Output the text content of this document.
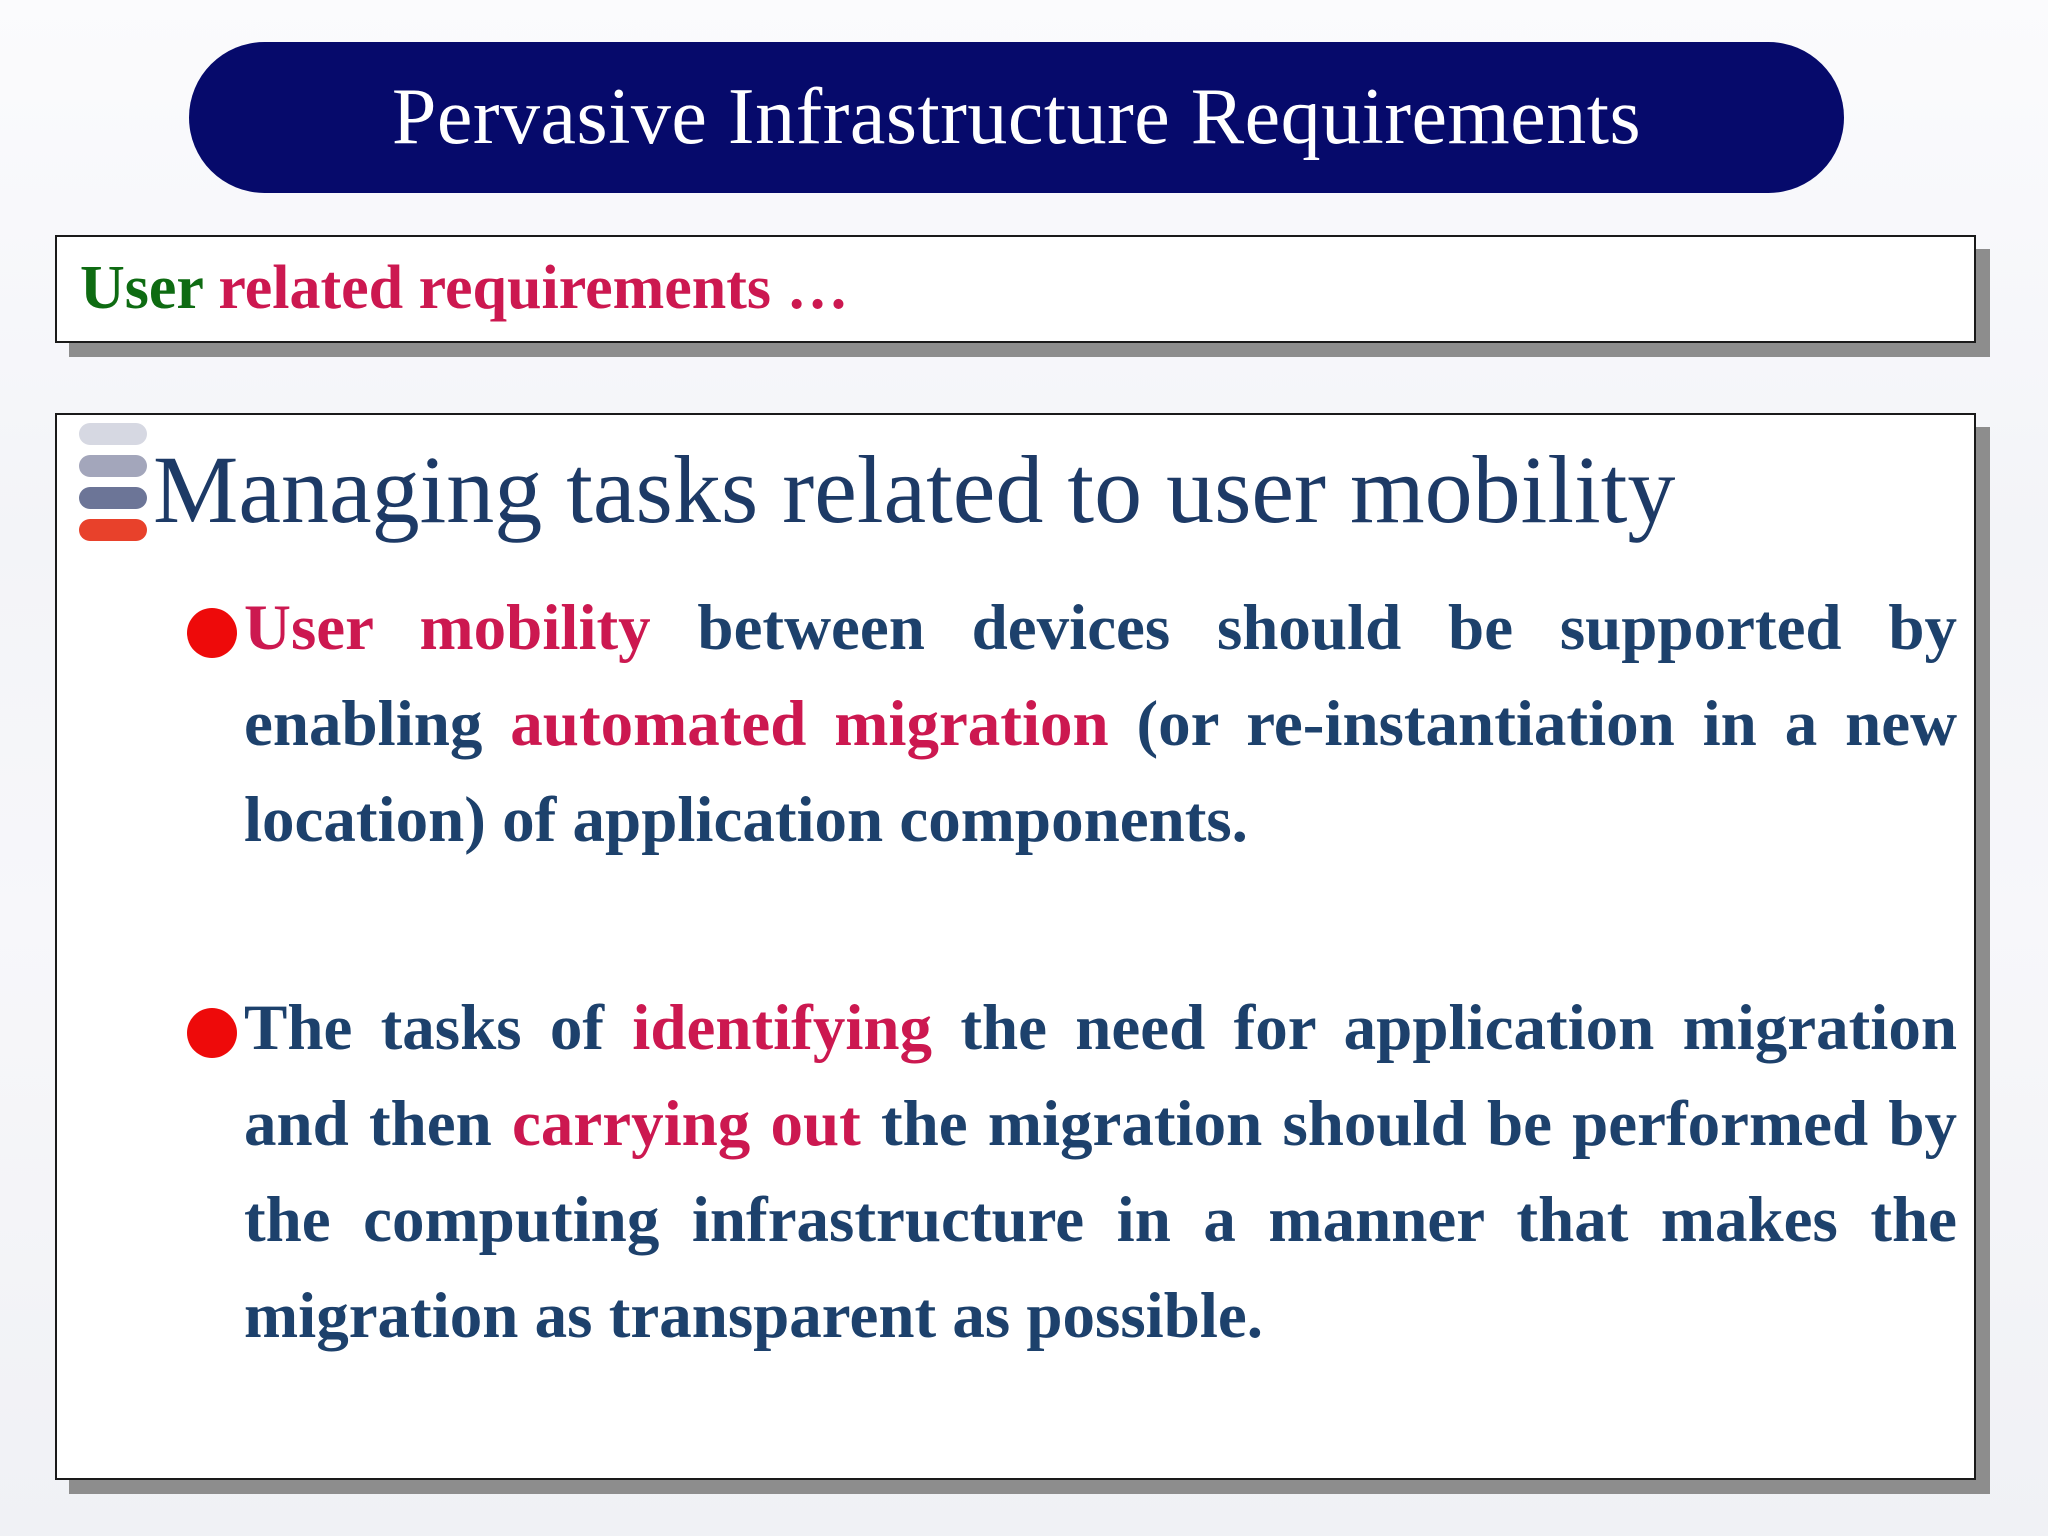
Pervasive Infrastructure Requirements
User related requirements …
Managing tasks related to user mobility
User mobility between devices should be supported by enabling automated migration (or re-instantiation in a new location) of application components.
The tasks of identifying the need for application migration and then carrying out the migration should be performed by the computing infrastructure in a manner that makes the migration as transparent as possible.
